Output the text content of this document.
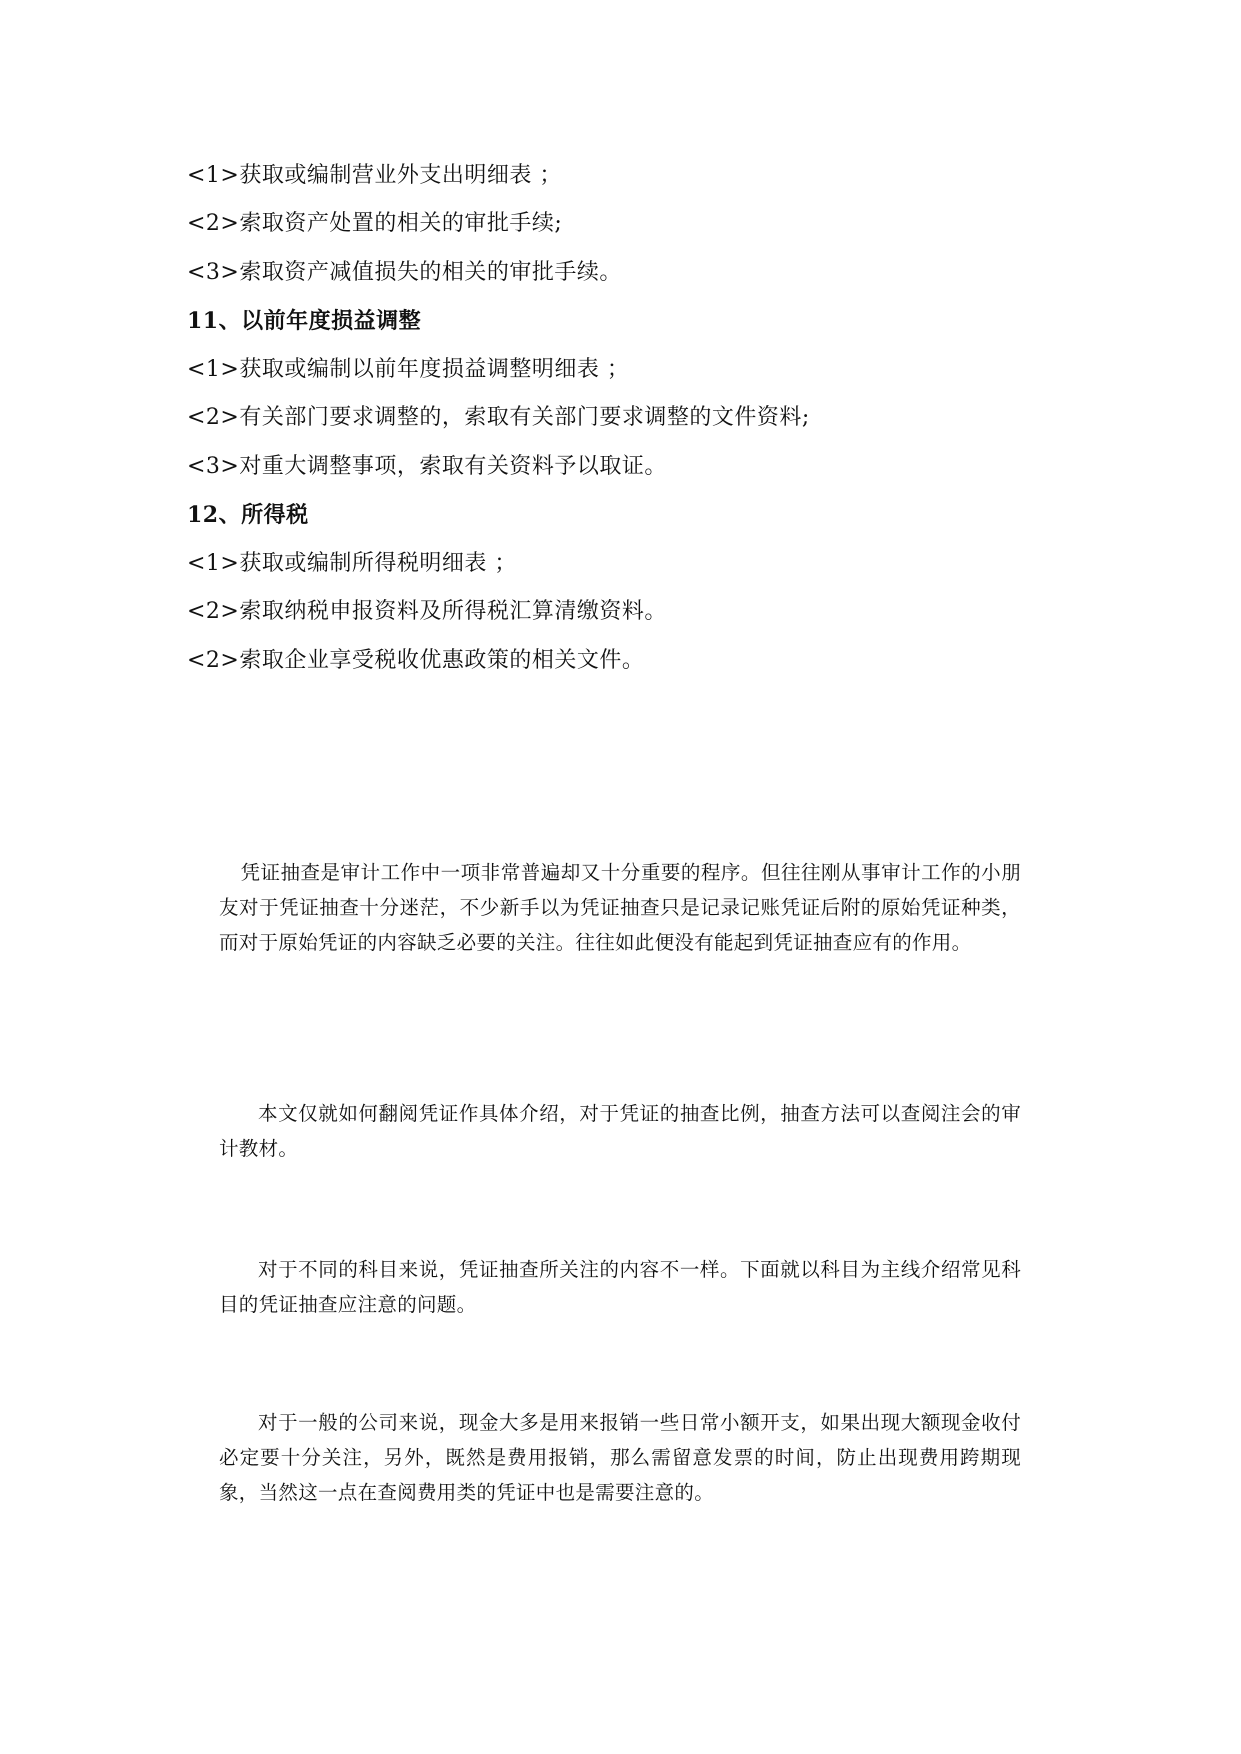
<1>获取或编制营业外支出明细表 ；
<2>索取资产处置的相关的审批手续;
<3>索取资产减值损失的相关的审批手续。
11、以前年度损益调整
<1>获取或编制以前年度损益调整明细表 ；
<2>有关部门要求调整的，索取有关部门要求调整的文件资料;
<3>对重大调整事项，索取有关资料予以取证。
12、所得税
<1>获取或编制所得税明细表 ；
<2>索取纳税申报资料及所得税汇算清缴资料。
<2>索取企业享受税收优惠政策的相关文件。

凭证抽查是审计工作中一项非常普遍却又十分重要的程序。但往往刚从事审计工作的小朋友对于凭证抽查十分迷茫，不少新手以为凭证抽查只是记录记账凭证后附的原始凭证种类，而对于原始凭证的内容缺乏必要的关注。往往如此便没有能起到凭证抽查应有的作用。

本文仅就如何翻阅凭证作具体介绍，对于凭证的抽查比例，抽查方法可以查阅注会的审计教材。

对于不同的科目来说，凭证抽查所关注的内容不一样。下面就以科目为主线介绍常见科目的凭证抽查应注意的问题。

对于一般的公司来说，现金大多是用来报销一些日常小额开支，如果出现大额现金收付必定要十分关注，另外，既然是费用报销，那么需留意发票的时间，防止出现费用跨期现象，当然这一点在查阅费用类的凭证中也是需要注意的。
